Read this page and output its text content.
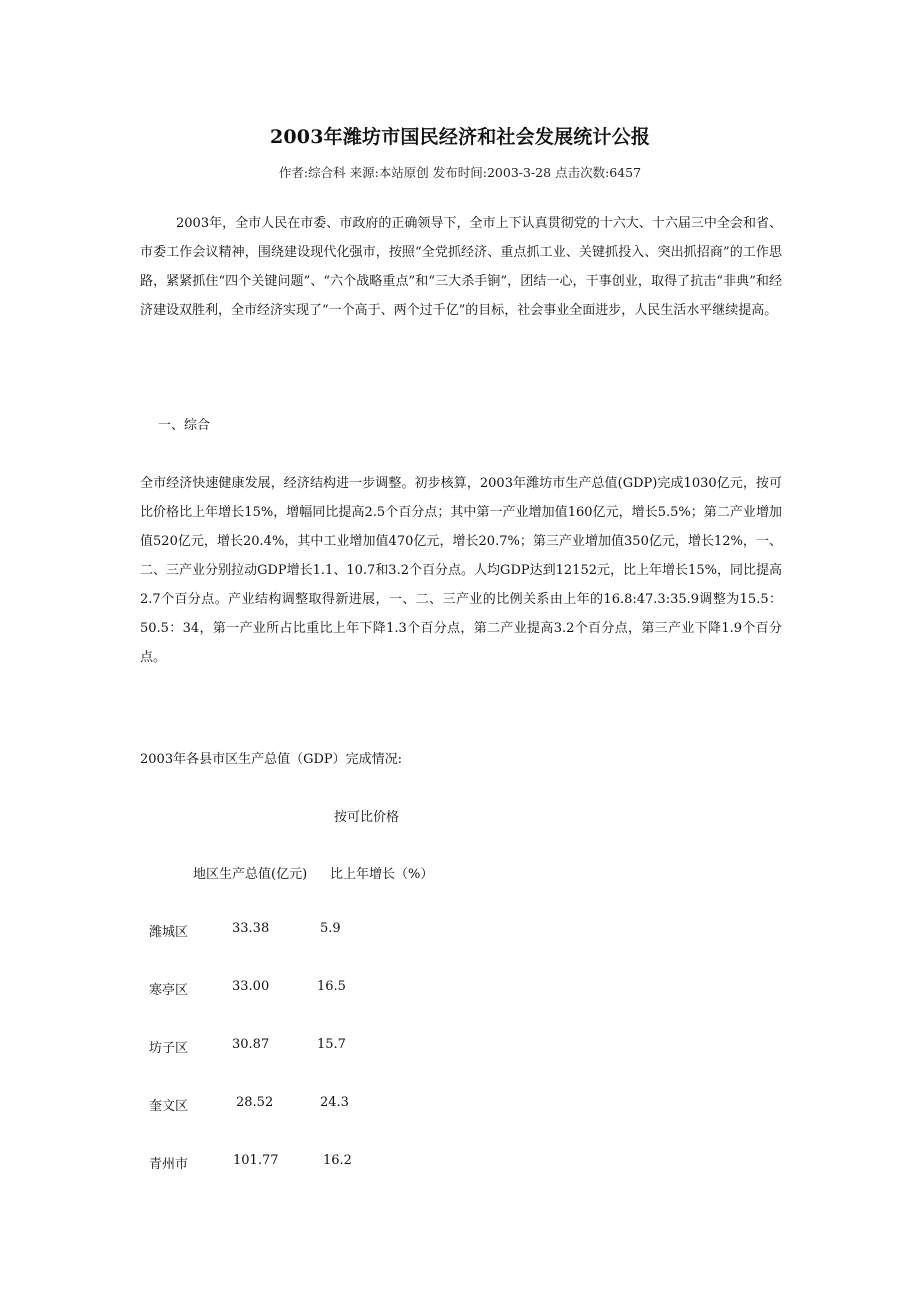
2003年潍坊市国民经济和社会发展统计公报
作者:综合科 来源:本站原创 发布时间:2003-3-28 点击次数:6457

2003年，全市人民在市委、市政府的正确领导下，全市上下认真贯彻党的十六大、十六届三中全会和省、市委工作会议精神，围绕建设现代化强市，按照“全党抓经济、重点抓工业、关键抓投入、突出抓招商”的工作思路，紧紧抓住“四个关键问题”、“六个战略重点”和“三大杀手锏”，团结一心，干事创业，取得了抗击“非典”和经济建设双胜利，全市经济实现了“一个高于、两个过千亿”的目标，社会事业全面进步，人民生活水平继续提高。

一、综合

全市经济快速健康发展，经济结构进一步调整。初步核算，2003年潍坊市生产总值(GDP)完成1030亿元，按可比价格比上年增长15%，增幅同比提高2.5个百分点；其中第一产业增加值160亿元，增长5.5%；第二产业增加值520亿元，增长20.4%，其中工业增加值470亿元，增长20.7%；第三产业增加值350亿元，增长12%，一、二、三产业分别拉动GDP增长1.1、10.7和3.2个百分点。人均GDP达到12152元，比上年增长15%，同比提高2.7个百分点。产业结构调整取得新进展，一、二、三产业的比例关系由上年的16.8:47.3:35.9调整为15.5：50.5：34，第一产业所占比重比上年下降1.3个百分点，第二产业提高3.2个百分点，第三产业下降1.9个百分点。

2003年各县市区生产总值（GDP）完成情况:

按可比价格

地区生产总值(亿元) 比上年增长（%）
潍城区	33.38	5.9
寒亭区	33.00	16.5
坊子区	30.87	15.7
奎文区	28.52	24.3
青州市	101.77	16.2
